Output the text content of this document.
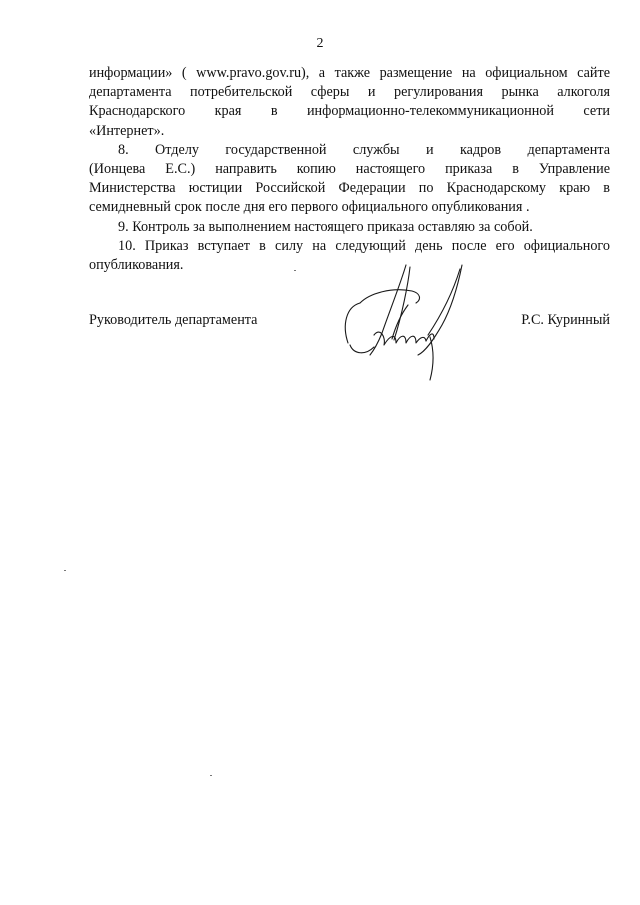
2

информации» ( www.pravo.gov.ru), а также размещение на официальном сайте
департамента потребительской сферы и регулирования рынка алкоголя
Краснодарского края в информационно-телекоммуникационной сети
«Интернет».

8. Отделу государственной службы и кадров департамента
(Ионцева Е.С.) направить копию настоящего приказа в Управление
Министерства юстиции Российской Федерации по Краснодарскому краю в
семидневный срок после дня его первого официального опубликования .

9. Контроль за выполнением настоящего приказа оставляю за собой.

10. Приказ вступает в силу на следующий день после его официального
опубликования.

Руководитель департамента	Р.С. Куринный
